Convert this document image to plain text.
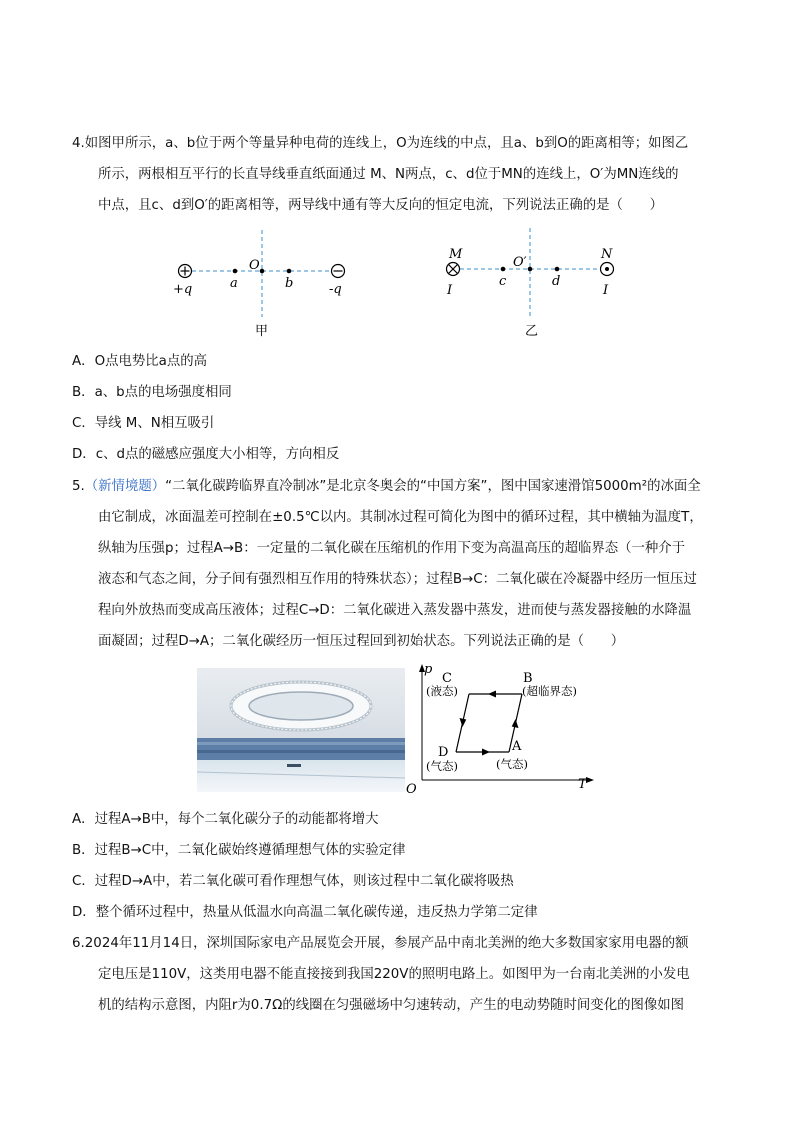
4.如图甲所示，a、b位于两个等量异种电荷的连线上，O为连线的中点，且a、b到O的距离相等；如图乙
所示，两根相互平行的长直导线垂直纸面通过 M、N两点，c、d位于MN的连线上，O′为MN连线的
中点，且c、d到O′的距离相等，两导线中通有等大反向的恒定电流，下列说法正确的是（　　）
O
a	b
+q	-q
甲
M	N
O′
c	d
I	I
乙
A．O点电势比a点的高
B．a、b点的电场强度相同
C．导线 M、N相互吸引
D．c、d点的磁感应强度大小相等，方向相反
5.（新情境题）“二氧化碳跨临界直冷制冰”是北京冬奥会的“中国方案”，图中国家速滑馆5000m²的冰面全
由它制成，冰面温差可控制在±0.5℃以内。其制冰过程可简化为图中的循环过程，其中横轴为温度T，
纵轴为压强p；过程A→B：一定量的二氧化碳在压缩机的作用下变为高温高压的超临界态（一种介于
液态和气态之间，分子间有强烈相互作用的特殊状态）；过程B→C：二氧化碳在冷凝器中经历一恒压过
程向外放热而变成高压液体；过程C→D：二氧化碳进入蒸发器中蒸发，进而使与蒸发器接触的水降温
面凝固；过程D→A；二氧化碳经历一恒压过程回到初始状态。下列说法正确的是（　　）
p
T
O
C
(液态)
B
(超临界态)
D
(气态)
A
(气态)
A．过程A→B中，每个二氧化碳分子的动能都将增大
B．过程B→C中，二氧化碳始终遵循理想气体的实验定律
C．过程D→A中，若二氧化碳可看作理想气体，则该过程中二氧化碳将吸热
D．整个循环过程中，热量从低温水向高温二氧化碳传递，违反热力学第二定律
6.2024年11月14日，深圳国际家电产品展览会开展，参展产品中南北美洲的绝大多数国家家用电器的额
定电压是110V，这类用电器不能直接接到我国220V的照明电路上。如图甲为一台南北美洲的小发电
机的结构示意图，内阻r为0.7Ω的线圈在匀强磁场中匀速转动，产生的电动势随时间变化的图像如图
